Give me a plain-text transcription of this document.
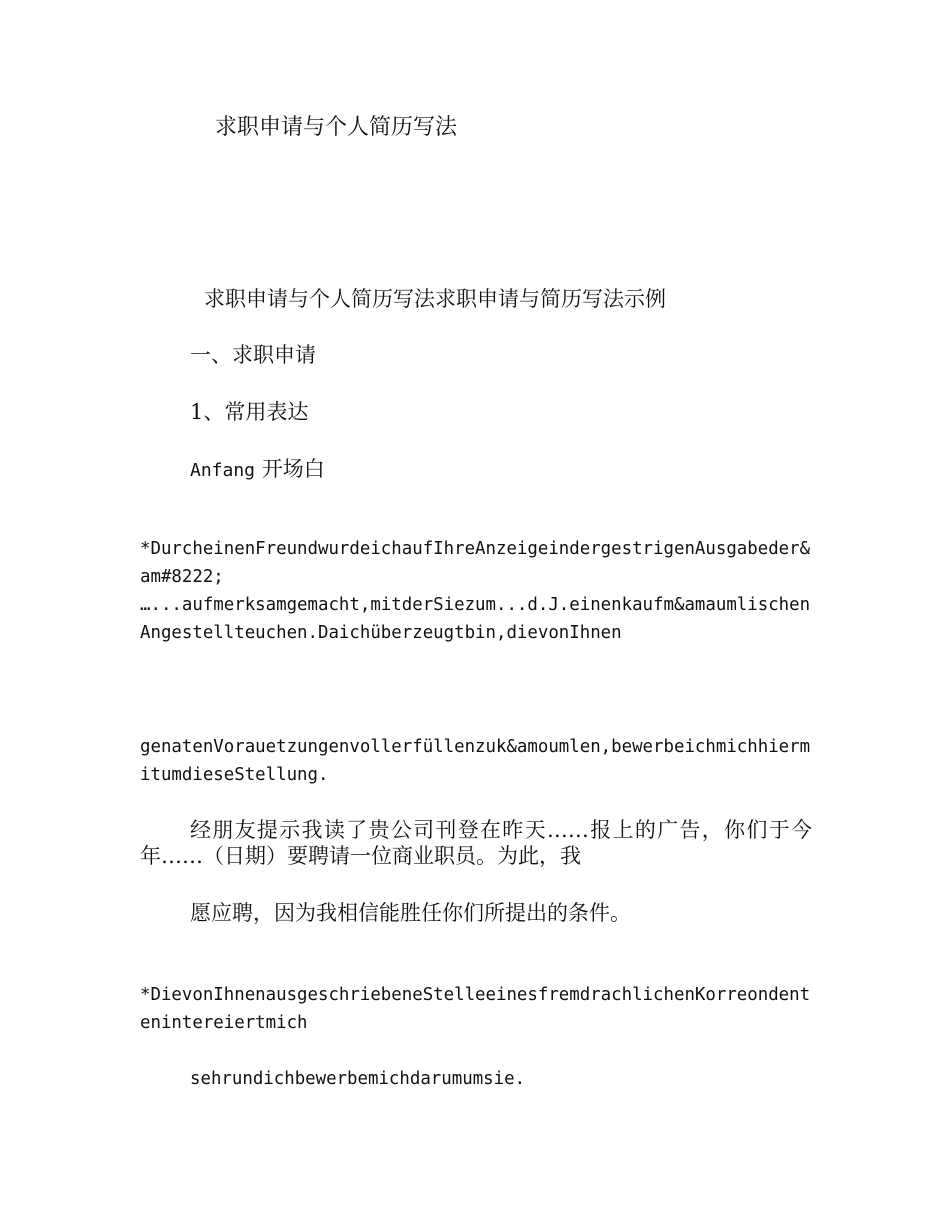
求职申请与个人简历写法
求职申请与个人简历写法求职申请与简历写法示例
一、求职申请
1、常用表达
Anfang 开场白
*DurcheinenFreundwurdeichaufIhreAnzeigeindergestrigenAusgabeder&am#8222;
…...aufmerksamgemacht,mitderSiezum...d.J.einenkaufm&amaumlischenAngestellteuchen.Daichüberzeugtbin,dievonIhnen
genatenVorauetzungenvollerfüllenzuk&amoumlen,bewerbeichmichhiermitumdieseStellung.
经朋友提示我读了贵公司刊登在昨天……报上的广告，你们于今年……（日期）要聘请一位商业职员。为此，我
愿应聘，因为我相信能胜任你们所提出的条件。
*DievonIhnenausgeschriebeneStelleeinesfremdrachlichenKorreondentenintereiertmich
sehrundichbewerbemichdarumumsie.
